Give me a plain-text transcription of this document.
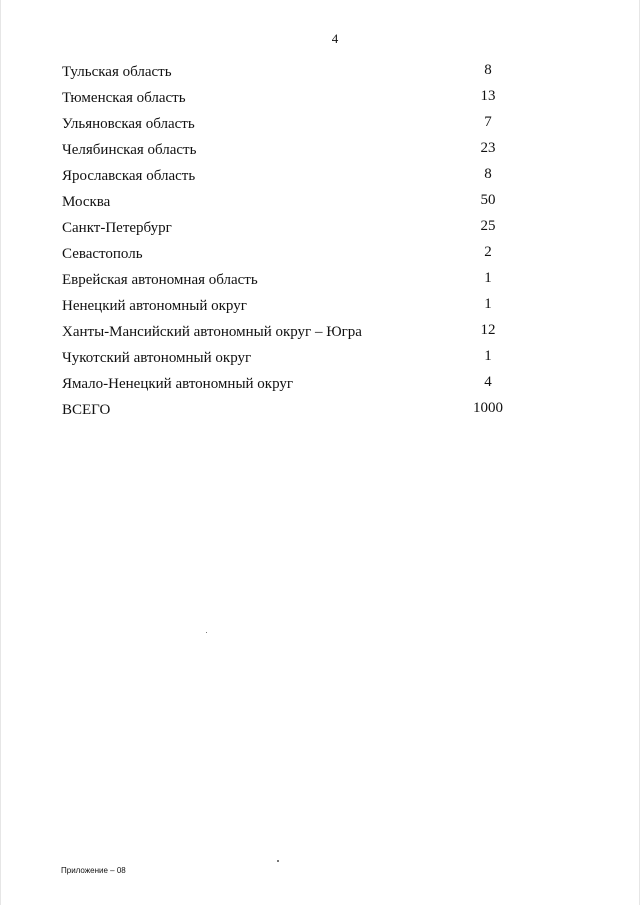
4
Тульская область	8
Тюменская область	13
Ульяновская область	7
Челябинская область	23
Ярославская область	8
Москва	50
Санкт-Петербург	25
Севастополь	2
Еврейская автономная область	1
Ненецкий автономный округ	1
Ханты-Мансийский автономный округ – Югра	12
Чукотский автономный округ	1
Ямало-Ненецкий автономный округ	4
ВСЕГО	1000
Приложение – 08
